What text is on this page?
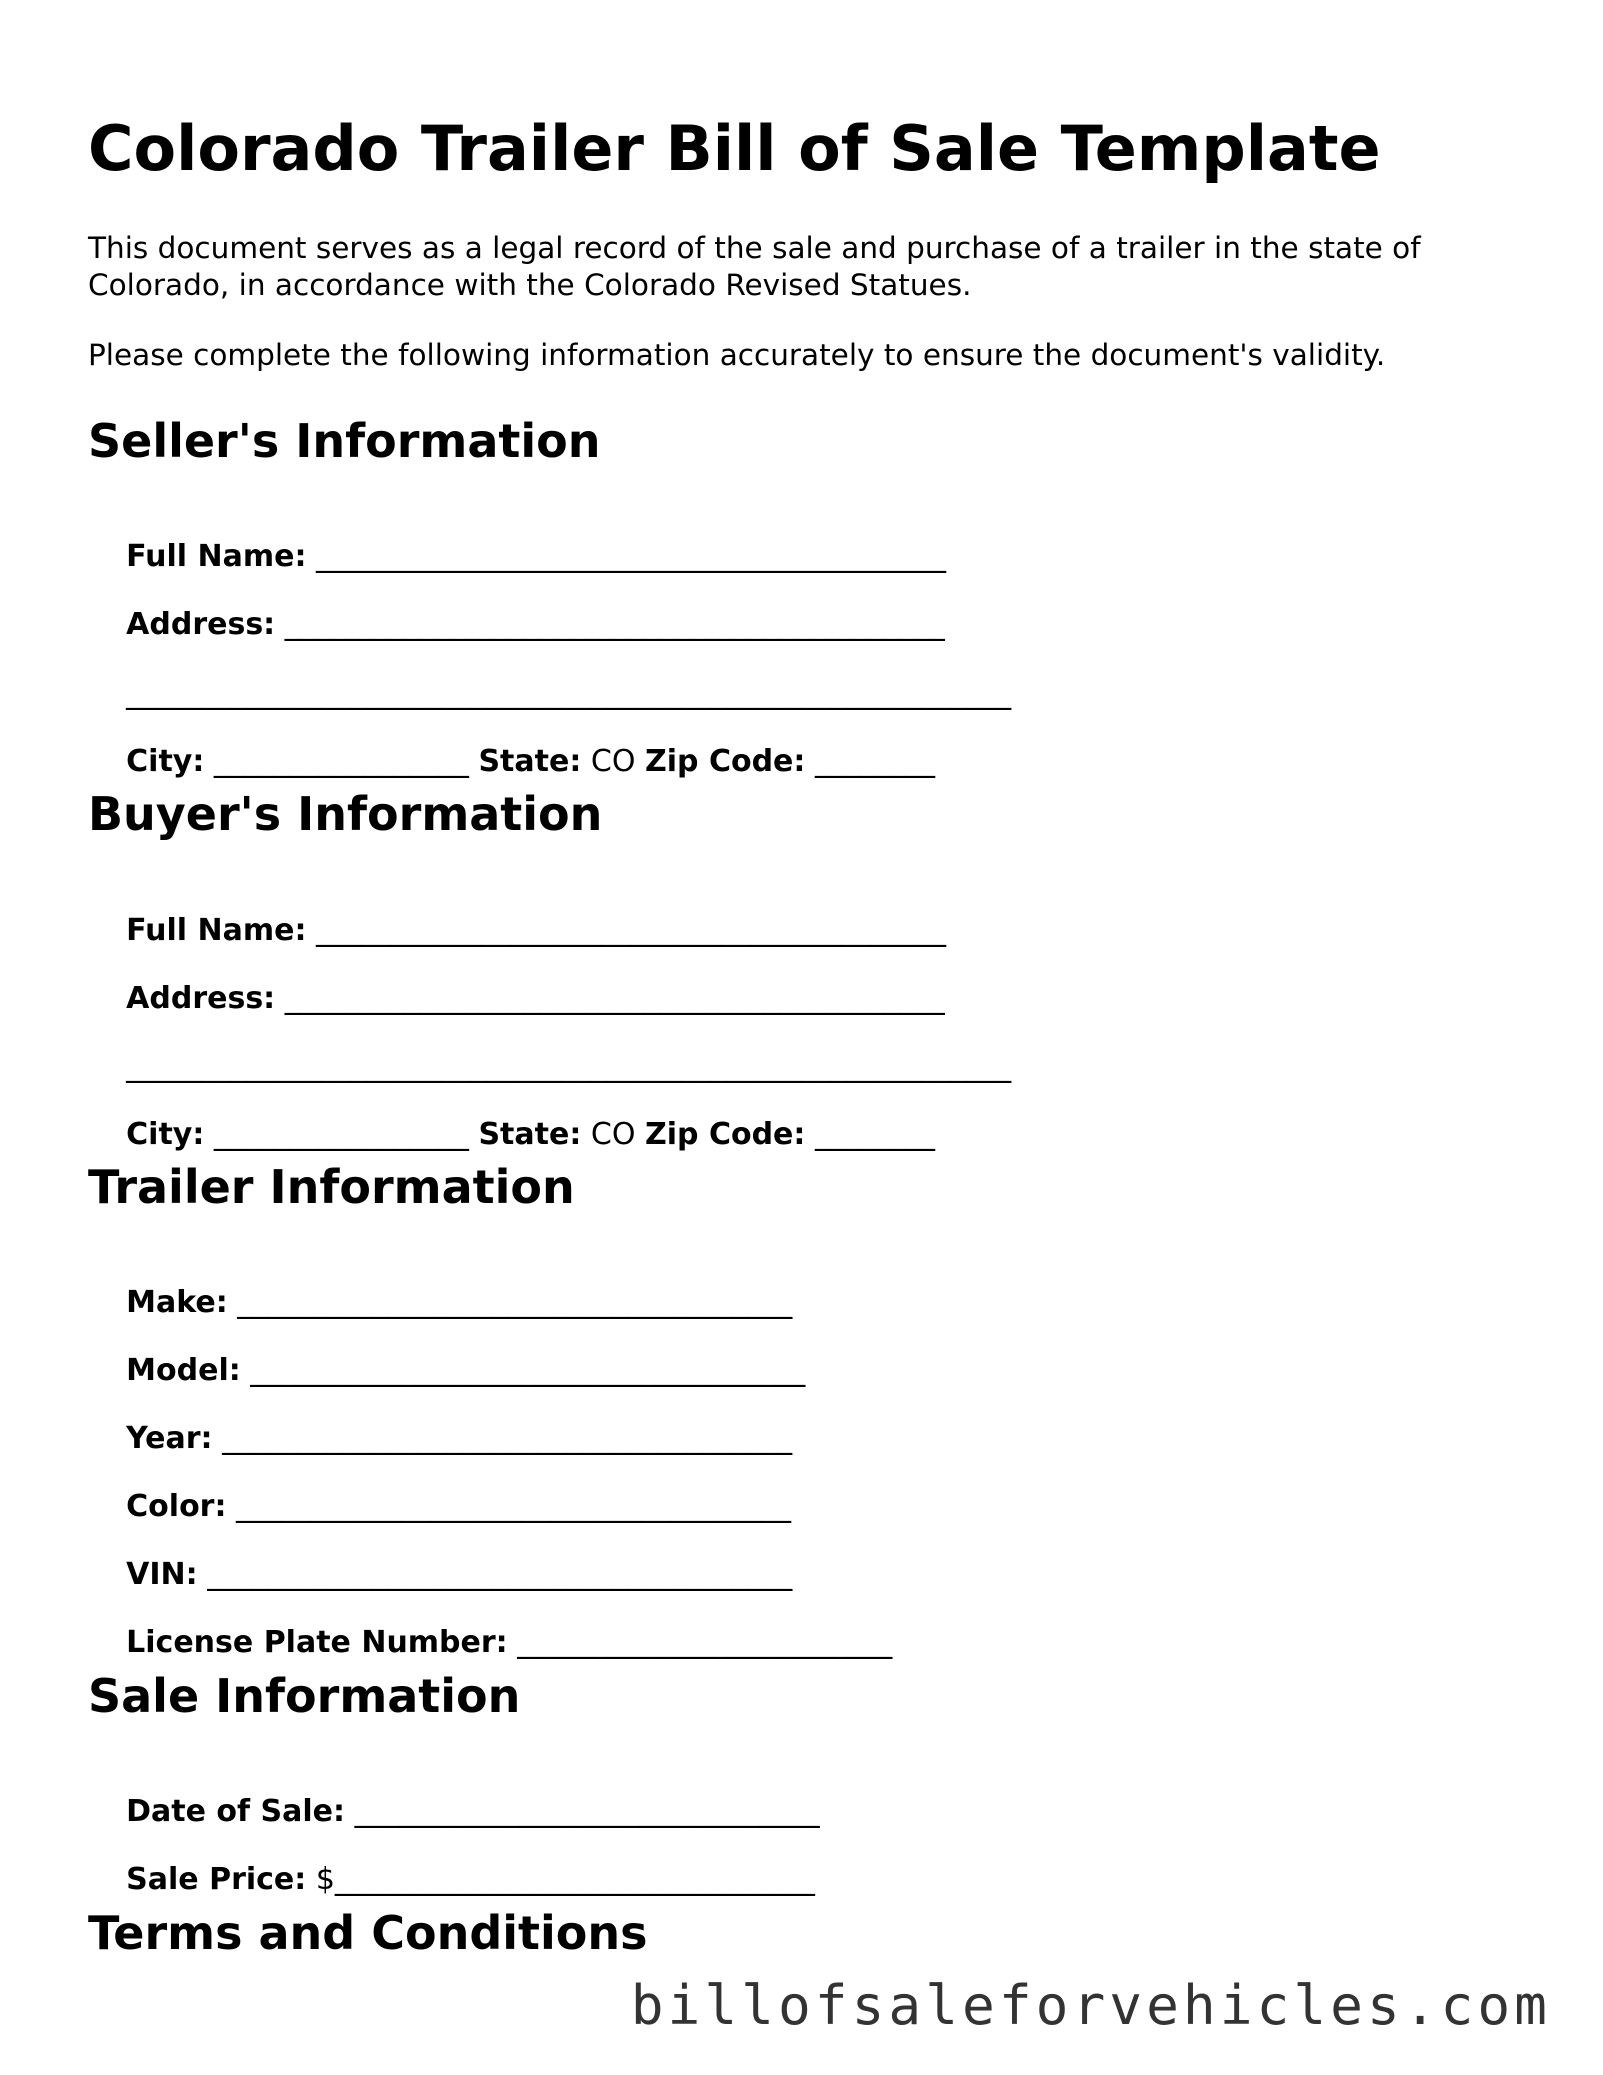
Colorado Trailer Bill of Sale Template
This document serves as a legal record of the sale and purchase of a trailer in the state of
Colorado, in accordance with the Colorado Revised Statues.
Please complete the following information accurately to ensure the document's validity.
Seller's Information

Full Name: __________________________________________

Address: ____________________________________________

___________________________________________________________

City: _________________ State: CO Zip Code: ________

Buyer's Information

Full Name: __________________________________________

Address: ____________________________________________

___________________________________________________________

City: _________________ State: CO Zip Code: ________

Trailer Information

Make: _____________________________________

Model: _____________________________________

Year: ______________________________________

Color: _____________________________________

VIN: _______________________________________

License Plate Number: _________________________

Sale Information

Date of Sale: _______________________________

Sale Price: $________________________________

Terms and Conditions
billofsaleforvehicles.com
